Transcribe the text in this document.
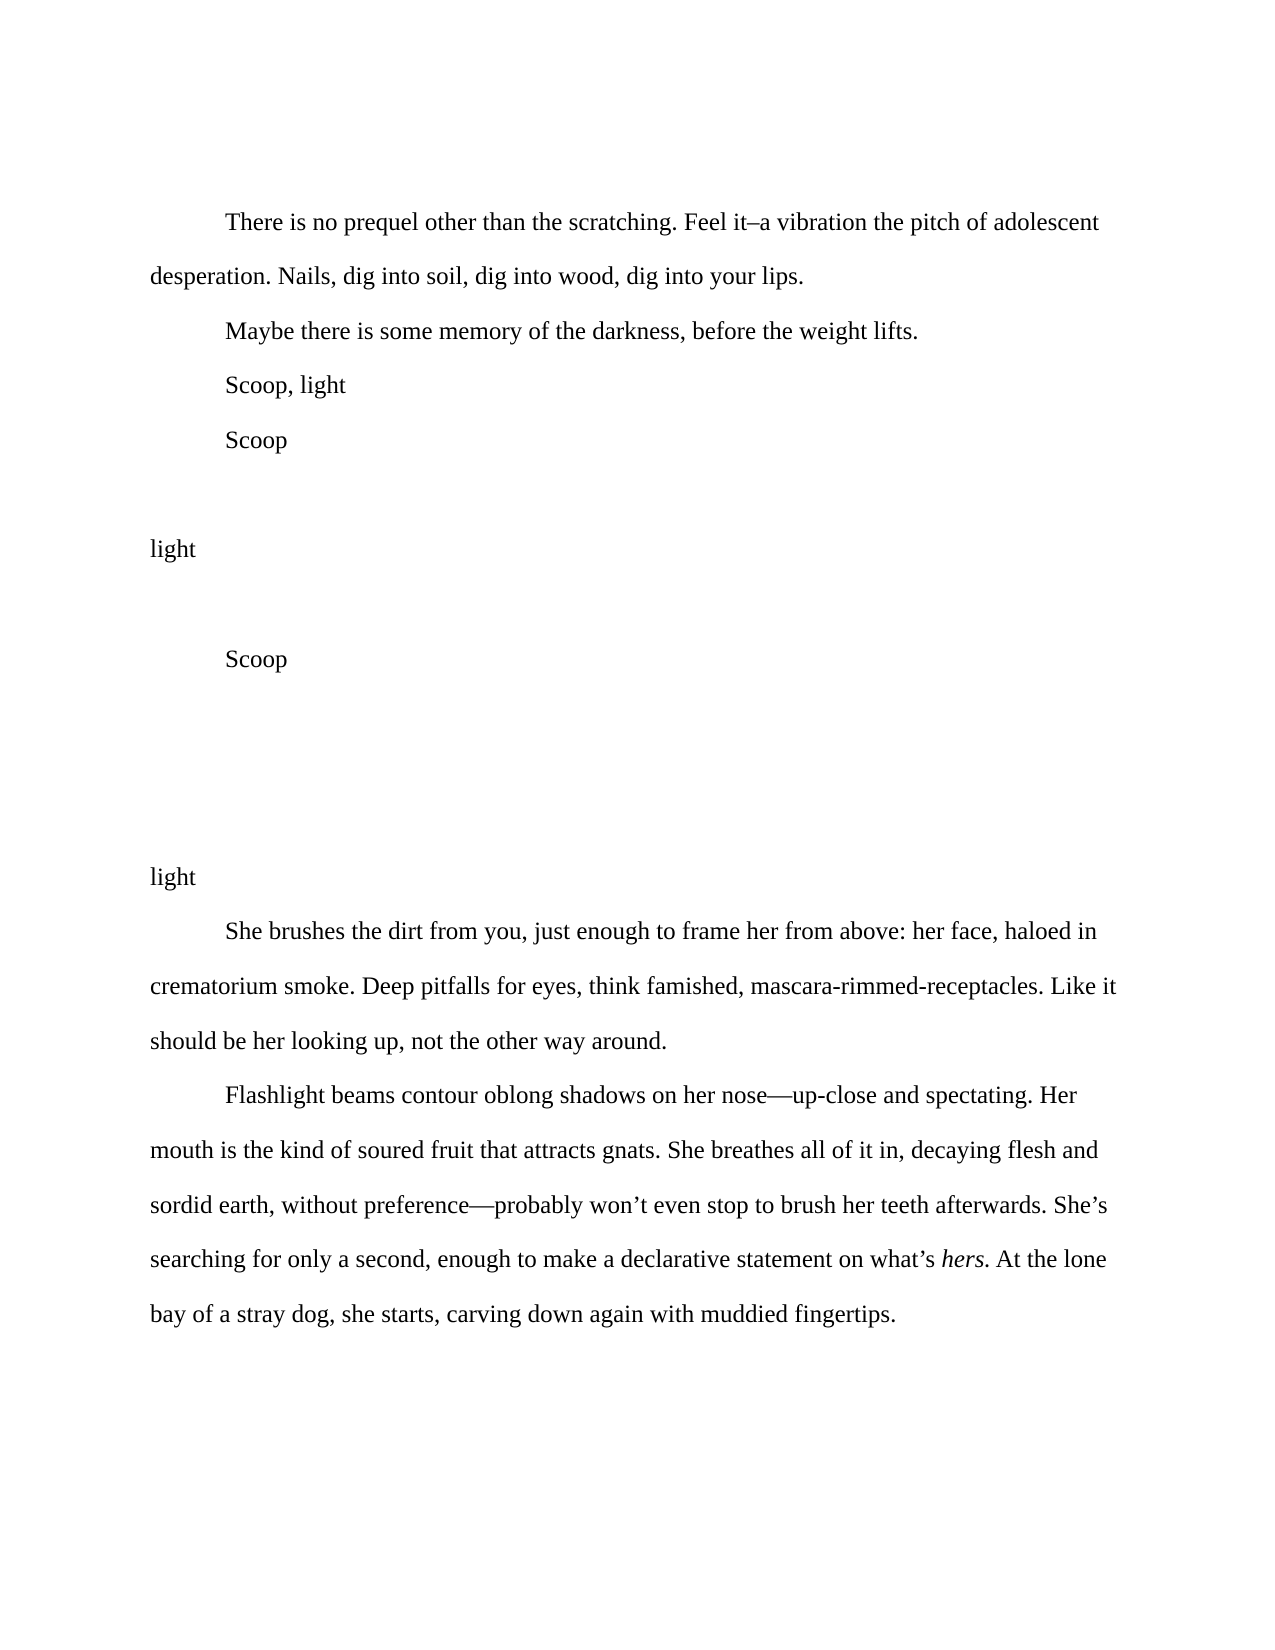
There is no prequel other than the scratching. Feel it–a vibration the pitch of adolescent

desperation. Nails, dig into soil, dig into wood, dig into your lips.

Maybe there is some memory of the darkness, before the weight lifts.

Scoop, light

Scoop

light

Scoop

light

She brushes the dirt from you, just enough to frame her from above: her face, haloed in

crematorium smoke. Deep pitfalls for eyes, think famished, mascara-rimmed-receptacles. Like it

should be her looking up, not the other way around.

Flashlight beams contour oblong shadows on her nose—up-close and spectating. Her

mouth is the kind of soured fruit that attracts gnats. She breathes all of it in, decaying flesh and

sordid earth, without preference—probably won’t even stop to brush her teeth afterwards. She’s

searching for only a second, enough to make a declarative statement on what’s hers. At the lone

bay of a stray dog, she starts, carving down again with muddied fingertips.
